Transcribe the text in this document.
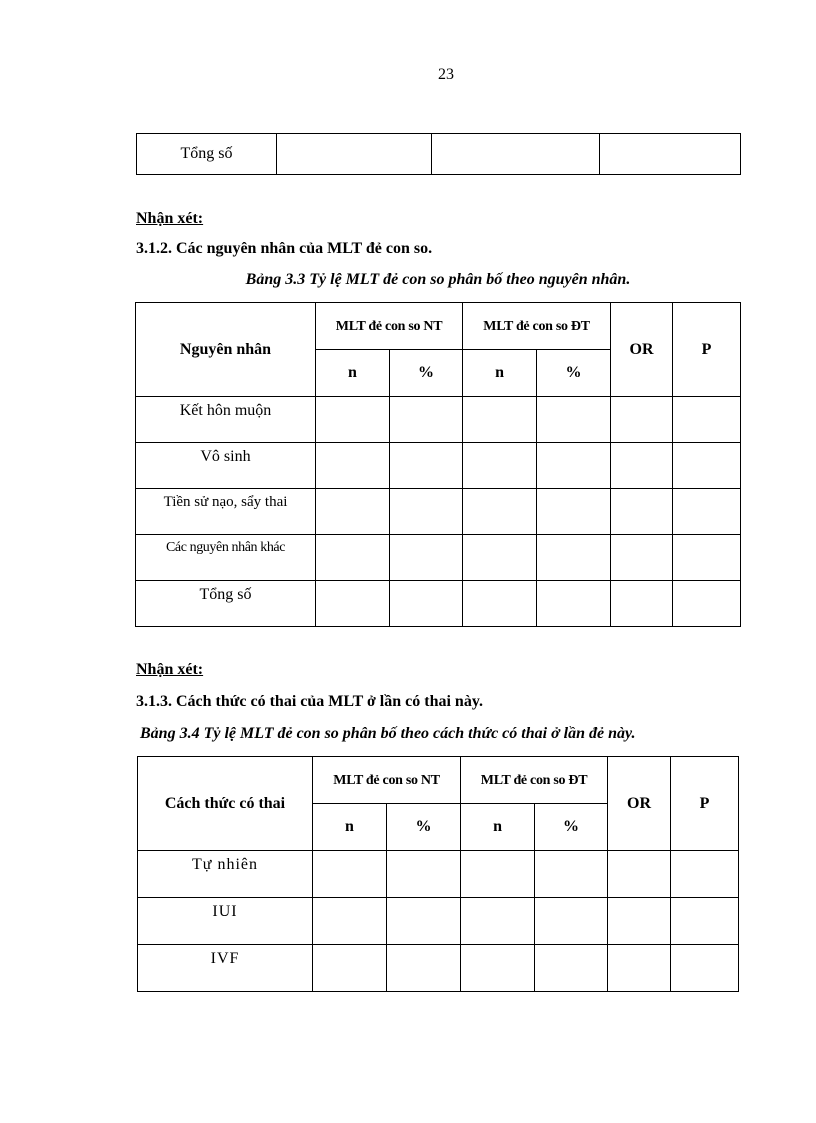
23
Tổng số			
Nhận xét:
3.1.2. Các nguyên nhân của MLT đẻ con so.
Bảng 3.3 Tỷ lệ MLT đẻ con so phân bố theo nguyên nhân.
Nguyên nhân	MLT đẻ con so NT		MLT đẻ con so ĐT		OR	P
	n	%	n	%		
Kết hôn muộn						
Vô sinh						
Tiền sử nạo, sẩy thai						
Các nguyên nhân khác						
Tổng số						
Nhận xét:
3.1.3. Cách thức có thai của MLT ở lần có thai này.
Bảng 3.4 Tỷ lệ MLT đẻ con so phân bố theo cách thức có thai ở lần đẻ này.
Cách thức có thai	MLT đẻ con so NT		MLT đẻ con so ĐT		OR	P
	n	%	n	%		
Tự nhiên						
IUI						
IVF						
